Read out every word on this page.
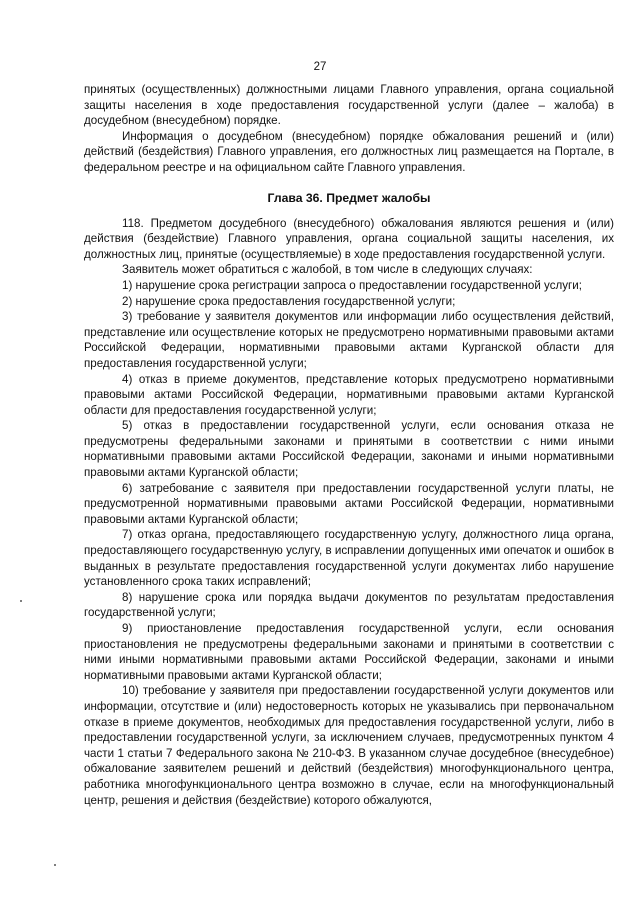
27

принятых (осуществленных) должностными лицами Главного управления, органа социальной защиты населения в ходе предоставления государственной услуги (далее – жалоба) в досудебном (внесудебном) порядке.

Информация о досудебном (внесудебном) порядке обжалования решений и (или) действий (бездействия) Главного управления, его должностных лиц размещается на Портале, в федеральном реестре и на официальном сайте Главного управления.

Глава 36. Предмет жалобы

118. Предметом досудебного (внесудебного) обжалования являются решения и (или) действия (бездействие) Главного управления, органа социальной защиты населения, их должностных лиц, принятые (осуществляемые) в ходе предоставления государственной услуги.

Заявитель может обратиться с жалобой, в том числе в следующих случаях:

1) нарушение срока регистрации запроса о предоставлении государственной услуги;

2) нарушение срока предоставления государственной услуги;

3) требование у заявителя документов или информации либо осуществления действий, представление или осуществление которых не предусмотрено нормативными правовыми актами Российской Федерации, нормативными правовыми актами Курганской области для предоставления государственной услуги;

4) отказ в приеме документов, представление которых предусмотрено нормативными правовыми актами Российской Федерации, нормативными правовыми актами Курганской области для предоставления государственной услуги;

5) отказ в предоставлении государственной услуги, если основания отказа не предусмотрены федеральными законами и принятыми в соответствии с ними иными нормативными правовыми актами Российской Федерации, законами и иными нормативными правовыми актами Курганской области;

6) затребование с заявителя при предоставлении государственной услуги платы, не предусмотренной нормативными правовыми актами Российской Федерации, нормативными правовыми актами Курганской области;

7) отказ органа, предоставляющего государственную услугу, должностного лица органа, предоставляющего государственную услугу, в исправлении допущенных ими опечаток и ошибок в выданных в результате предоставления государственной услуги документах либо нарушение установленного срока таких исправлений;

8) нарушение срока или порядка выдачи документов по результатам предоставления государственной услуги;

9) приостановление предоставления государственной услуги, если основания приостановления не предусмотрены федеральными законами и принятыми в соответствии с ними иными нормативными правовыми актами Российской Федерации, законами и иными нормативными правовыми актами Курганской области;

10) требование у заявителя при предоставлении государственной услуги документов или информации, отсутствие и (или) недостоверность которых не указывались при первоначальном отказе в приеме документов, необходимых для предоставления государственной услуги, либо в предоставлении государственной услуги, за исключением случаев, предусмотренных пунктом 4 части 1 статьи 7 Федерального закона № 210-ФЗ. В указанном случае досудебное (внесудебное) обжалование заявителем решений и действий (бездействия) многофункционального центра, работника многофункционального центра возможно в случае, если на многофункциональный центр, решения и действия (бездействие) которого обжалуются,
